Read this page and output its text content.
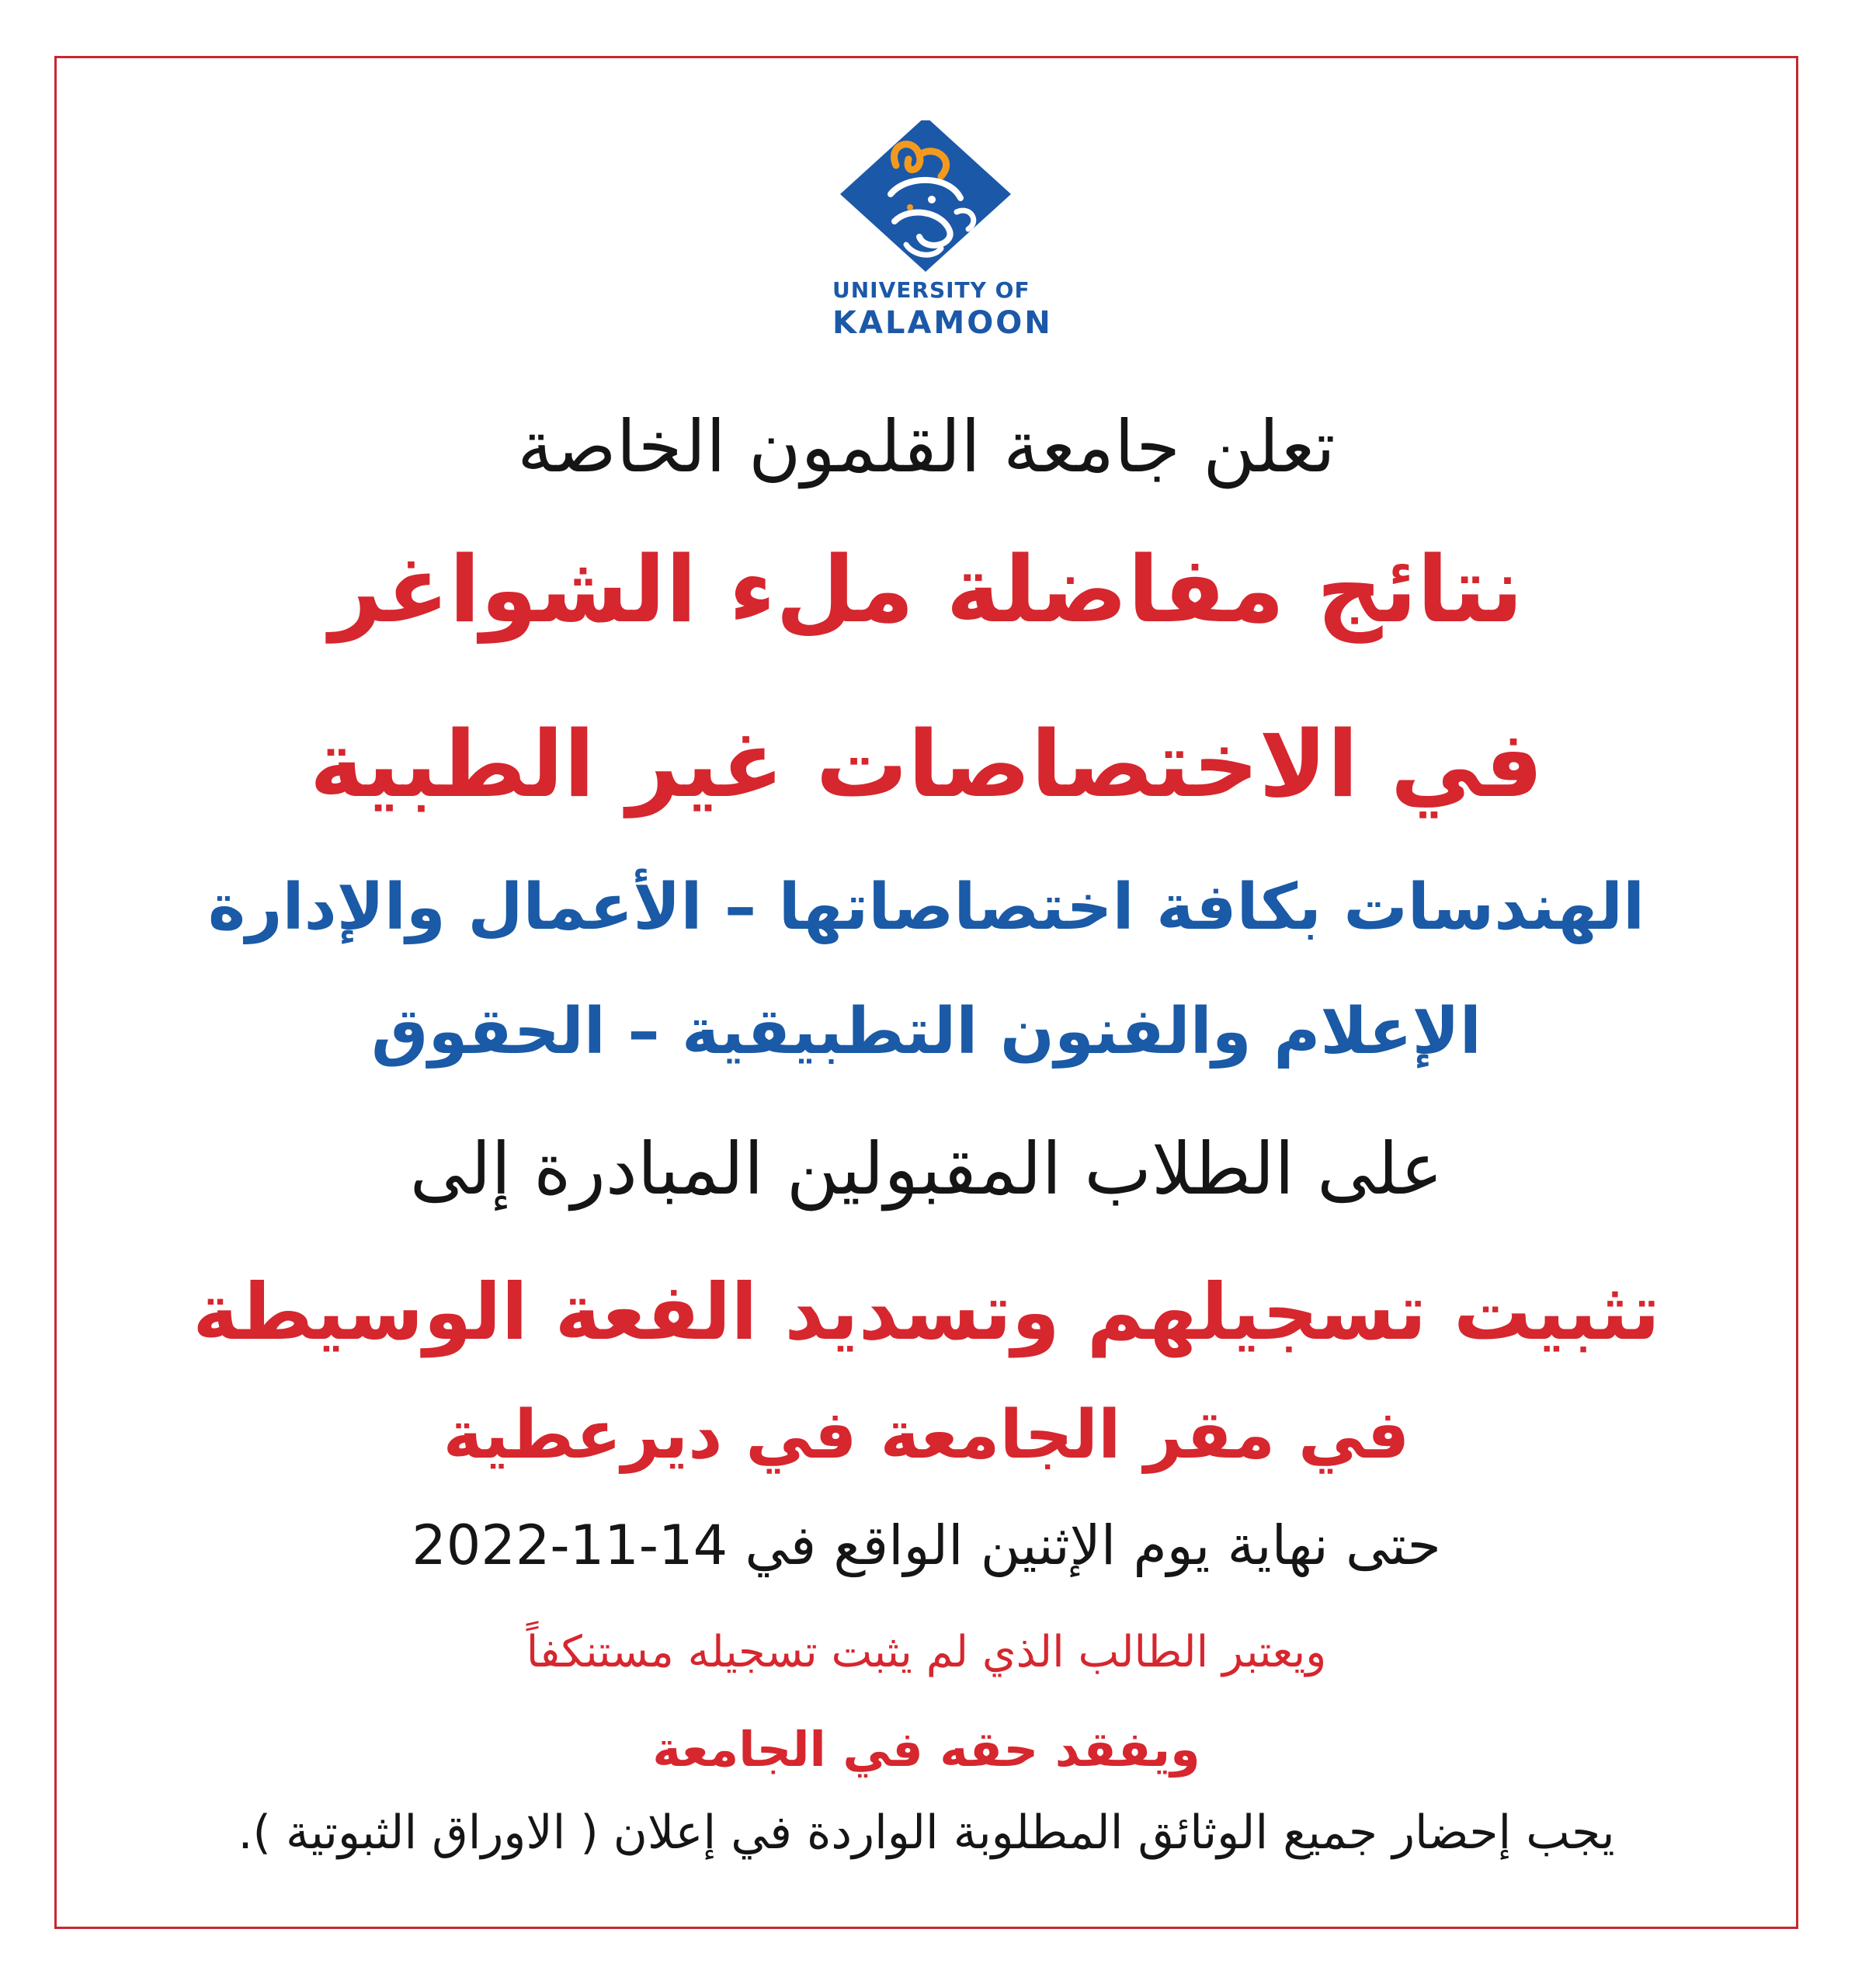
UNIVERSITY OF
KALAMOON
تعلن جامعة القلمون الخاصة
نتائج مفاضلة ملء الشواغر
في الاختصاصات غير الطبية
الهندسات بكافة اختصاصاتها – الأعمال والإدارة
الإعلام والفنون التطبيقية – الحقوق
على الطلاب المقبولين المبادرة إلى
تثبيت تسجيلهم وتسديد الفعة الوسيطة
في مقر الجامعة في ديرعطية
حتى نهاية يوم الإثنين الواقع في 14-11-2022
ويعتبر الطالب الذي لم يثبت تسجيله مستنكفاً
ويفقد حقه في الجامعة
يجب إحضار جميع الوثائق المطلوبة الواردة في إعلان ( الاوراق الثبوتية ).
